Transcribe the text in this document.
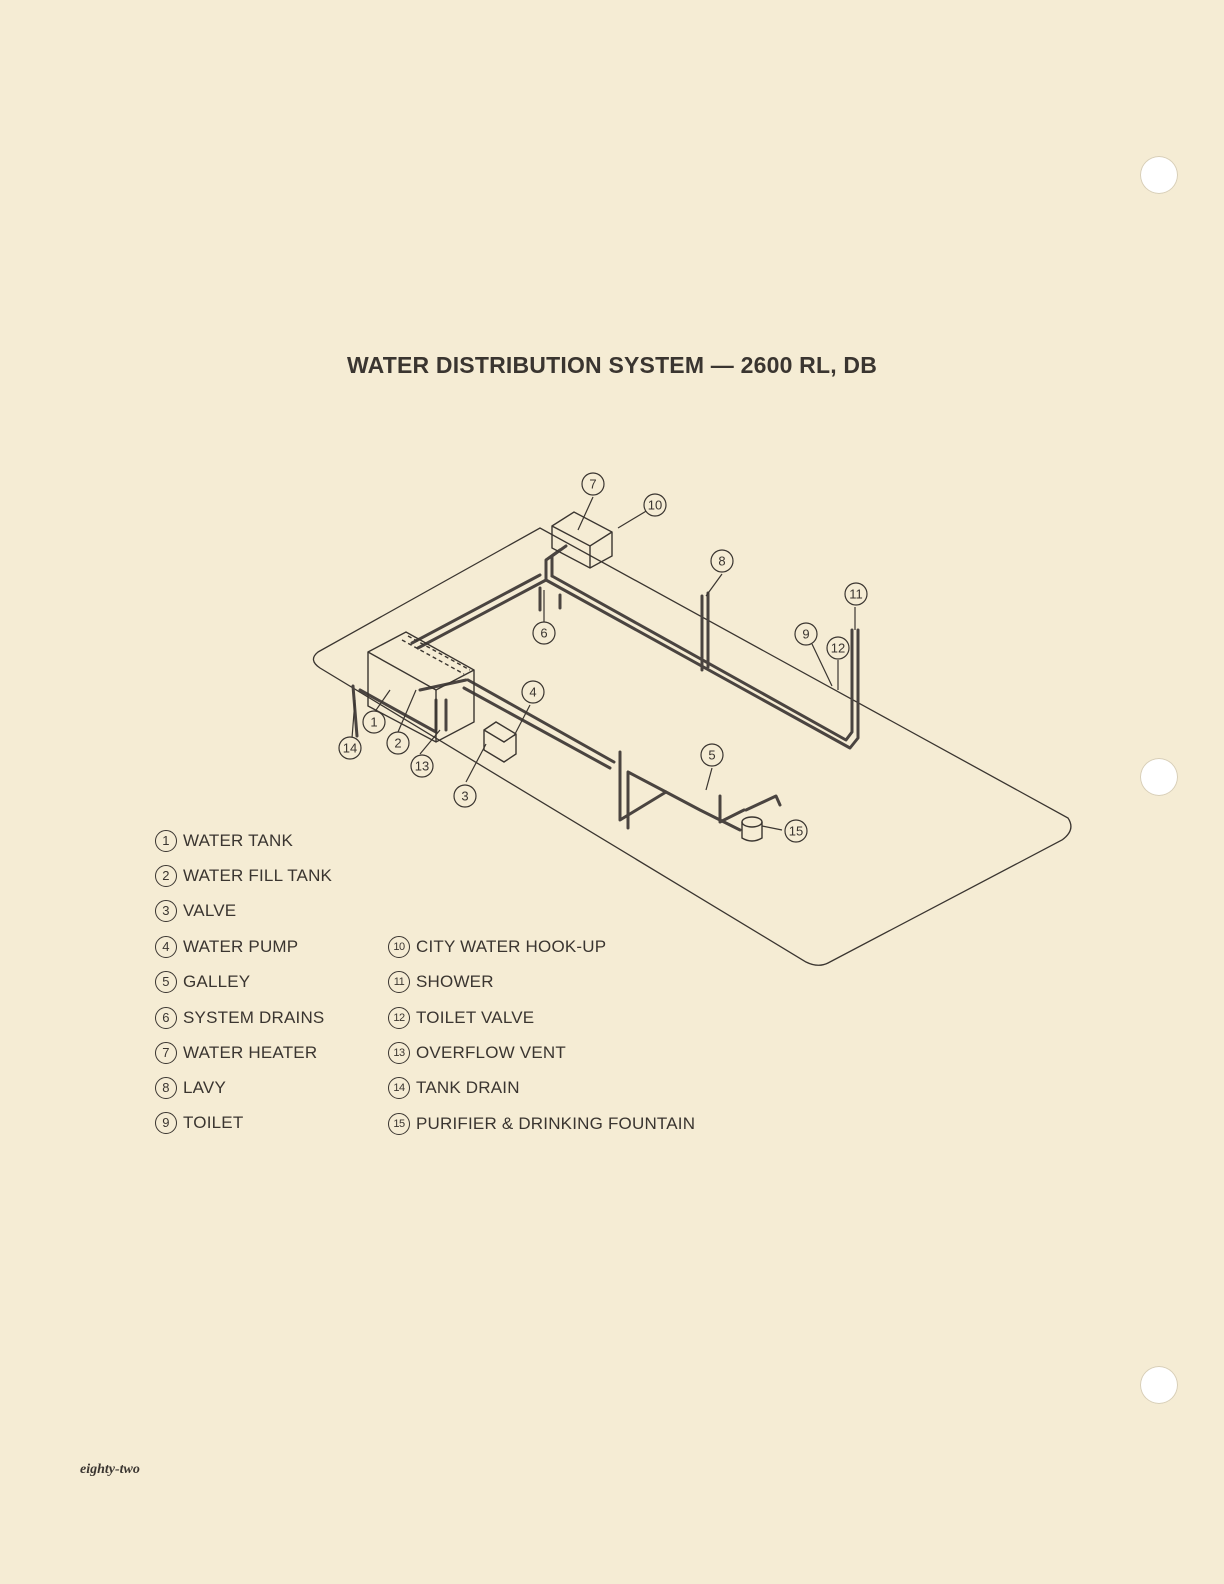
WATER DISTRIBUTION SYSTEM — 2600 RL, DB
7
10
8
11
9
12
6
4
5
15
3
13
2
1
14
1 WATER TANK
2 WATER FILL TANK
3 VALVE
4 WATER PUMP
5 GALLEY
6 SYSTEM DRAINS
7 WATER HEATER
8 LAVY
9 TOILET
10 CITY WATER HOOK-UP
11 SHOWER
12 TOILET VALVE
13 OVERFLOW VENT
14 TANK DRAIN
15 PURIFIER & DRINKING FOUNTAIN
eighty-two
